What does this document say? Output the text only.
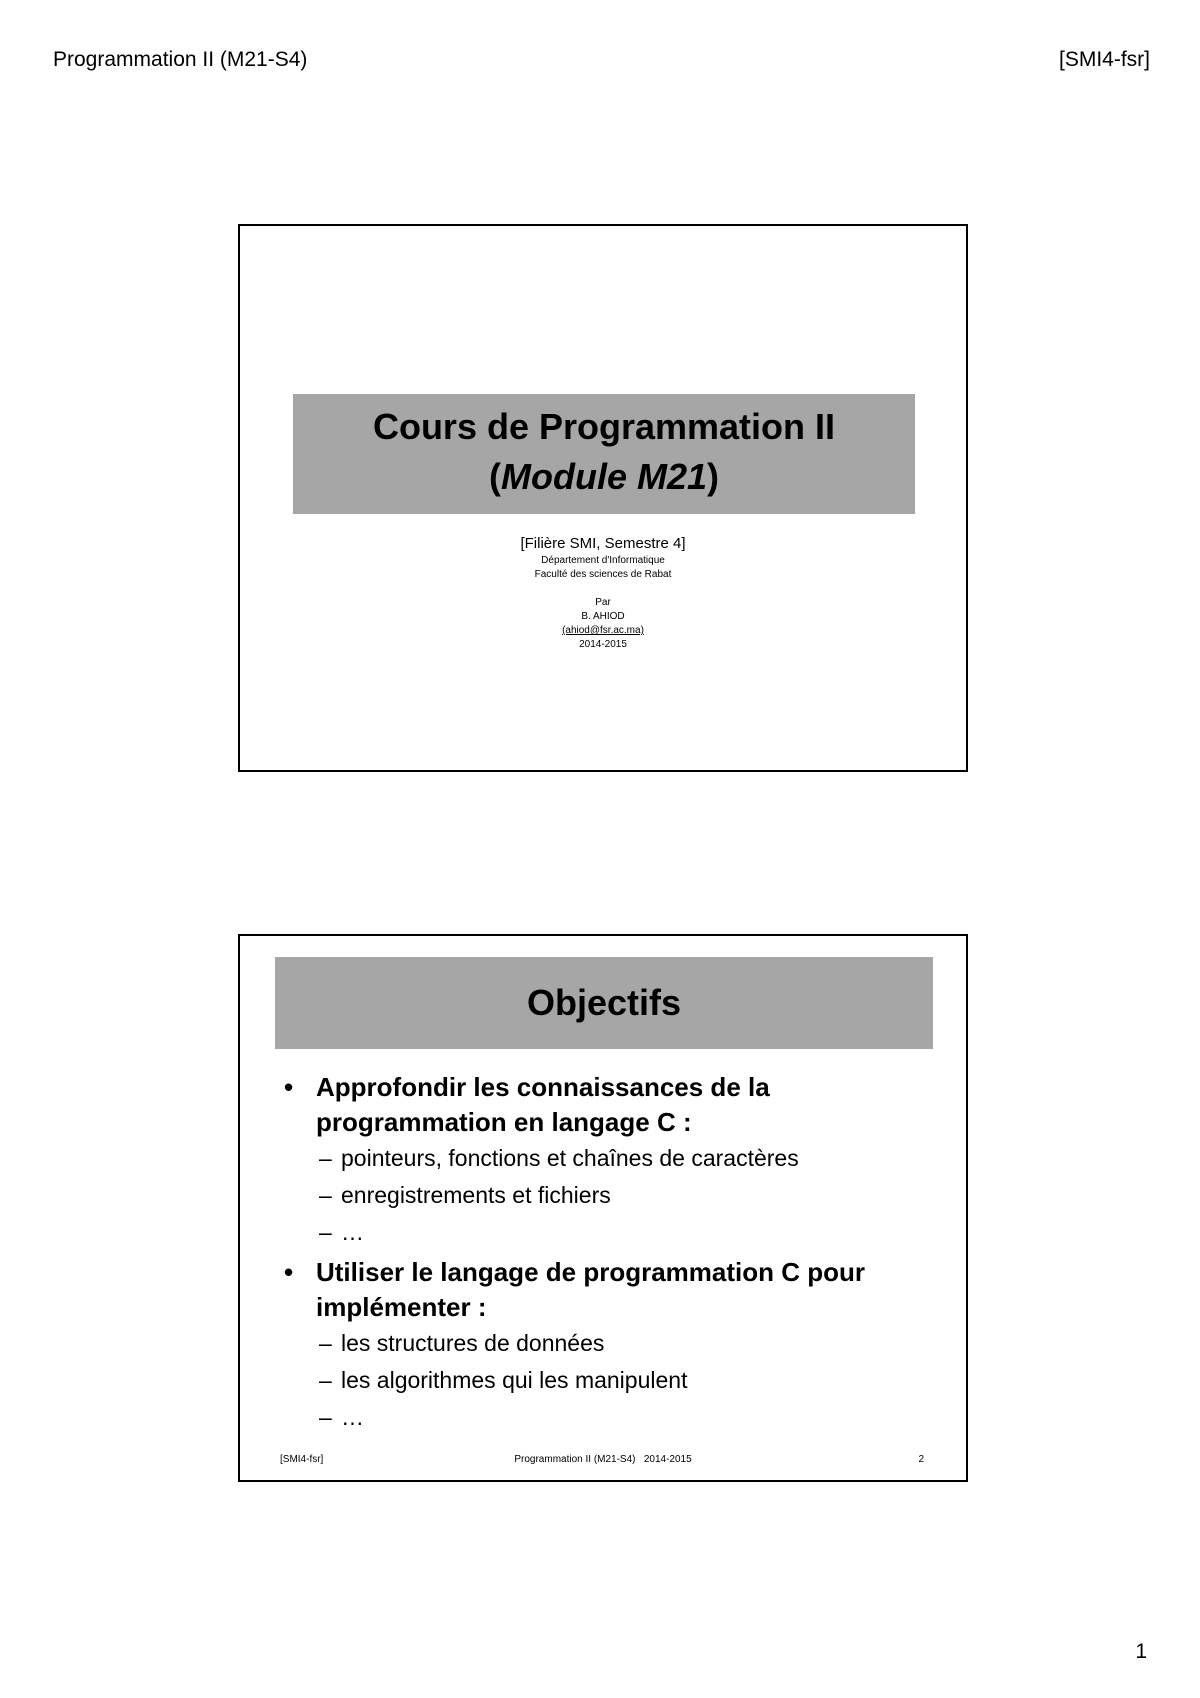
Programmation II (M21-S4)	[SMI4-fsr]
Cours de Programmation II
(Module M21)
[Filière SMI, Semestre 4]
Département d'Informatique
Faculté des sciences de Rabat
Par
B. AHIOD
(ahiod@fsr.ac.ma)
2014-2015
Objectifs
• Approfondir les connaissances de la programmation en langage C :
– pointeurs, fonctions et chaînes de caractères
– enregistrements et fichiers
– …
• Utiliser le langage de programmation C pour implémenter :
– les structures de données
– les algorithmes qui les manipulent
– …
[SMI4-fsr]	Programmation II (M21-S4)   2014-2015	2
1
